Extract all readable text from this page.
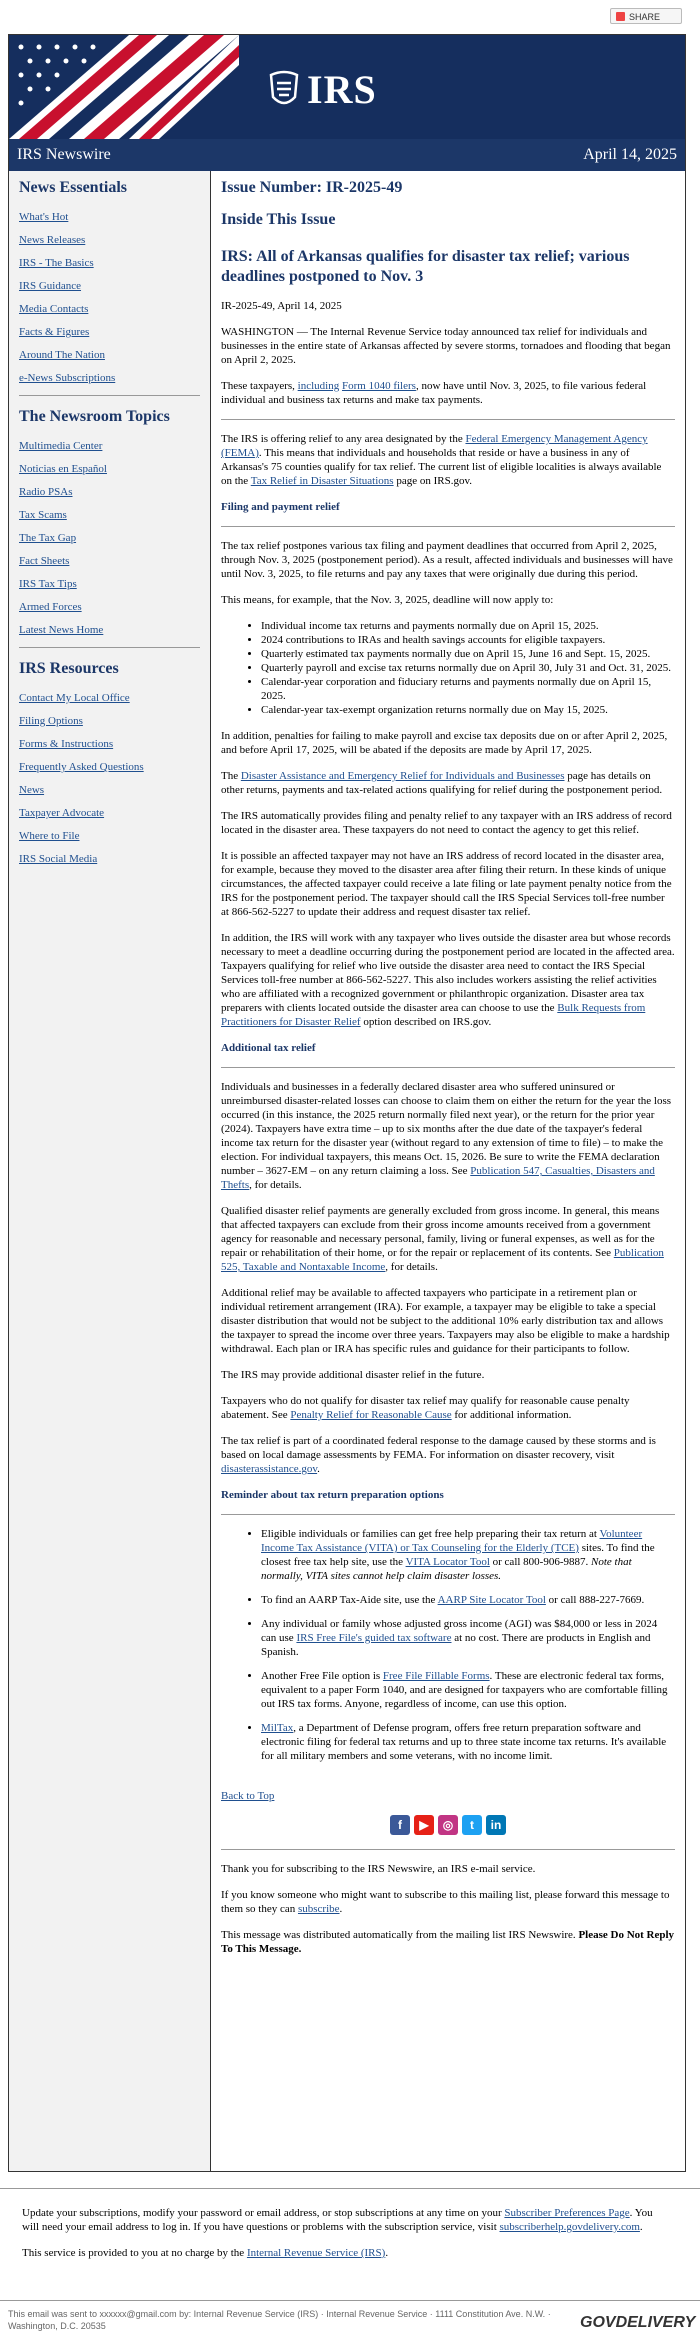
SHARE
IRS
IRS Newswire	April 14, 2025
News Essentials
What's Hot
News Releases
IRS - The Basics
IRS Guidance
Media Contacts
Facts & Figures
Around The Nation
e-News Subscriptions
The Newsroom Topics
Multimedia Center
Noticias en Español
Radio PSAs
Tax Scams
The Tax Gap
Fact Sheets
IRS Tax Tips
Armed Forces
Latest News Home
IRS Resources
Contact My Local Office
Filing Options
Forms & Instructions
Frequently Asked Questions
News
Taxpayer Advocate
Where to File
IRS Social Media
Issue Number: IR-2025-49
Inside This Issue
IRS: All of Arkansas qualifies for disaster tax relief; various deadlines postponed to Nov. 3

IR-2025-49, April 14, 2025

WASHINGTON — The Internal Revenue Service today announced tax relief for individuals and businesses in the entire state of Arkansas affected by severe storms, tornadoes and flooding that began on April 2, 2025.

These taxpayers, including Form 1040 filers, now have until Nov. 3, 2025, to file various federal individual and business tax returns and make tax payments.

The IRS is offering relief to any area designated by the Federal Emergency Management Agency (FEMA). This means that individuals and households that reside or have a business in any of Arkansas's 75 counties qualify for tax relief. The current list of eligible localities is always available on the Tax Relief in Disaster Situations page on IRS.gov.

Filing and payment relief

The tax relief postpones various tax filing and payment deadlines that occurred from April 2, 2025, through Nov. 3, 2025 (postponement period). As a result, affected individuals and businesses will have until Nov. 3, 2025, to file returns and pay any taxes that were originally due during this period.

This means, for example, that the Nov. 3, 2025, deadline will now apply to:

• Individual income tax returns and payments normally due on April 15, 2025.
• 2024 contributions to IRAs and health savings accounts for eligible taxpayers.
• Quarterly estimated tax payments normally due on April 15, June 16 and Sept. 15, 2025.
• Quarterly payroll and excise tax returns normally due on April 30, July 31 and Oct. 31, 2025.
• Calendar-year corporation and fiduciary returns and payments normally due on April 15, 2025.
• Calendar-year tax-exempt organization returns normally due on May 15, 2025.

In addition, penalties for failing to make payroll and excise tax deposits due on or after April 2, 2025, and before April 17, 2025, will be abated if the deposits are made by April 17, 2025.

The Disaster Assistance and Emergency Relief for Individuals and Businesses page has details on other returns, payments and tax-related actions qualifying for relief during the postponement period.

The IRS automatically provides filing and penalty relief to any taxpayer with an IRS address of record located in the disaster area. These taxpayers do not need to contact the agency to get this relief.

It is possible an affected taxpayer may not have an IRS address of record located in the disaster area, for example, because they moved to the disaster area after filing their return. In these kinds of unique circumstances, the affected taxpayer could receive a late filing or late payment penalty notice from the IRS for the postponement period. The taxpayer should call the IRS Special Services toll-free number at 866-562-5227 to update their address and request disaster tax relief.

In addition, the IRS will work with any taxpayer who lives outside the disaster area but whose records necessary to meet a deadline occurring during the postponement period are located in the affected area. Taxpayers qualifying for relief who live outside the disaster area need to contact the IRS Special Services toll-free number at 866-562-5227. This also includes workers assisting the relief activities who are affiliated with a recognized government or philanthropic organization. Disaster area tax preparers with clients located outside the disaster area can choose to use the Bulk Requests from Practitioners for Disaster Relief option described on IRS.gov.

Additional tax relief

Individuals and businesses in a federally declared disaster area who suffered uninsured or unreimbursed disaster-related losses can choose to claim them on either the return for the year the loss occurred (in this instance, the 2025 return normally filed next year), or the return for the prior year (2024). Taxpayers have extra time – up to six months after the due date of the taxpayer's federal income tax return for the disaster year (without regard to any extension of time to file) – to make the election. For individual taxpayers, this means Oct. 15, 2026. Be sure to write the FEMA declaration number – 3627-EM – on any return claiming a loss. See Publication 547, Casualties, Disasters and Thefts, for details.

Qualified disaster relief payments are generally excluded from gross income. In general, this means that affected taxpayers can exclude from their gross income amounts received from a government agency for reasonable and necessary personal, family, living or funeral expenses, as well as for the repair or rehabilitation of their home, or for the repair or replacement of its contents. See Publication 525, Taxable and Nontaxable Income, for details.

Additional relief may be available to affected taxpayers who participate in a retirement plan or individual retirement arrangement (IRA). For example, a taxpayer may be eligible to take a special disaster distribution that would not be subject to the additional 10% early distribution tax and allows the taxpayer to spread the income over three years. Taxpayers may also be eligible to make a hardship withdrawal. Each plan or IRA has specific rules and guidance for their participants to follow.

The IRS may provide additional disaster relief in the future.

Taxpayers who do not qualify for disaster tax relief may qualify for reasonable cause penalty abatement. See Penalty Relief for Reasonable Cause for additional information.

The tax relief is part of a coordinated federal response to the damage caused by these storms and is based on local damage assessments by FEMA. For information on disaster recovery, visit disasterassistance.gov.

Reminder about tax return preparation options
• Eligible individuals or families can get free help preparing their tax return at Volunteer Income Tax Assistance (VITA) or Tax Counseling for the Elderly (TCE) sites. To find the closest free tax help site, use the VITA Locator Tool or call 800-906-9887. Note that normally, VITA sites cannot help claim disaster losses.
• To find an AARP Tax-Aide site, use the AARP Site Locator Tool or call 888-227-7669.
• Any individual or family whose adjusted gross income (AGI) was $84,000 or less in 2024 can use IRS Free File's guided tax software at no cost. There are products in English and Spanish.
• Another Free File option is Free File Fillable Forms. These are electronic federal tax forms, equivalent to a paper Form 1040, and are designed for taxpayers who are comfortable filling out IRS tax forms. Anyone, regardless of income, can use this option.
• MilTax, a Department of Defense program, offers free return preparation software and electronic filing for federal tax returns and up to three state income tax returns. It's available for all military members and some veterans, with no income limit.

Back to Top

f ▶ ◎ t in

Thank you for subscribing to the IRS Newswire, an IRS e-mail service.

If you know someone who might want to subscribe to this mailing list, please forward this message to them so they can subscribe.

This message was distributed automatically from the mailing list IRS Newswire. Please Do Not Reply To This Message.

Update your subscriptions, modify your password or email address, or stop subscriptions at any time on your Subscriber Preferences Page. You will need your email address to log in. If you have questions or problems with the subscription service, visit subscriberhelp.govdelivery.com.

This service is provided to you at no charge by the Internal Revenue Service (IRS).

This email was sent to xxxxxx@gmail.com by: Internal Revenue Service (IRS) · Internal Revenue Service · 1111 Constitution Ave. N.W. · Washington, D.C. 20535	GOVDELIVERY
